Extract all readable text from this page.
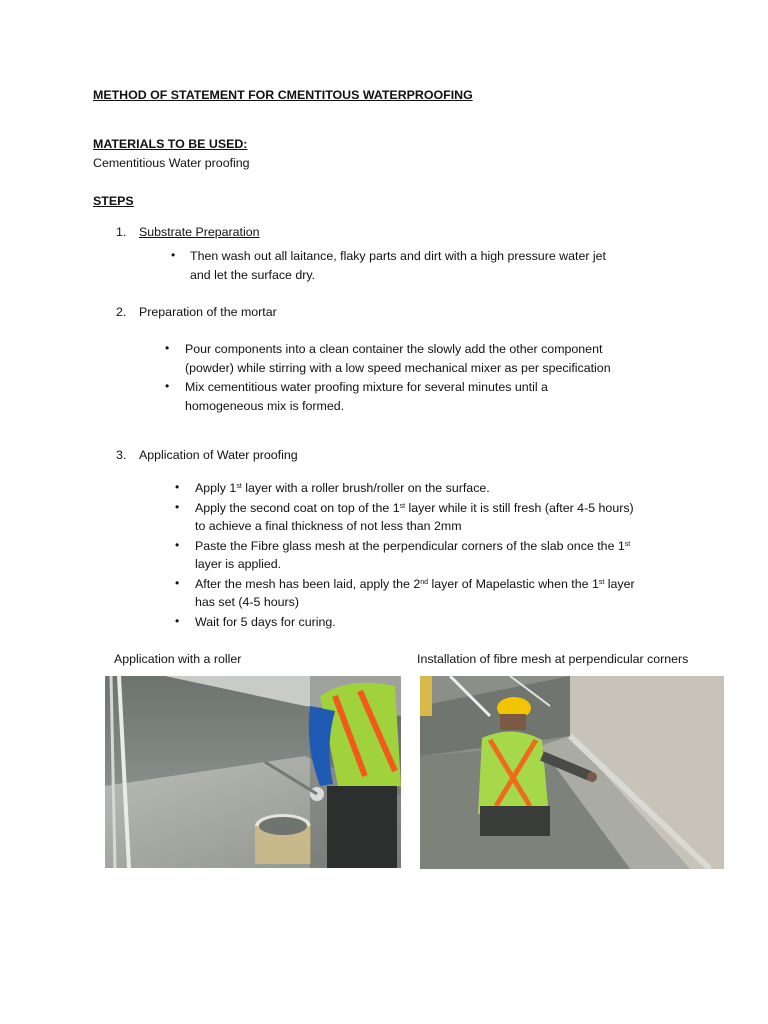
METHOD OF STATEMENT FOR CMENTITOUS WATERPROOFING
MATERIALS TO BE USED:
Cementitious Water proofing
STEPS
1. Substrate Preparation
• Then wash out all laitance, flaky parts and dirt with a high pressure water jet
and let the surface dry.
2. Preparation of the mortar
• Pour components into a clean container the slowly add the other component
(powder) while stirring with a low speed mechanical mixer as per specification
• Mix cementitious water proofing mixture for several minutes until a
homogeneous mix is formed.
3. Application of Water proofing
• Apply 1st layer with a roller brush/roller on the surface.
• Apply the second coat on top of the 1st layer while it is still fresh (after 4-5 hours)
to achieve a final thickness of not less than 2mm
• Paste the Fibre glass mesh at the perpendicular corners of the slab once the 1st
layer is applied.
• After the mesh has been laid, apply the 2nd layer of Mapelastic when the 1st layer
has set (4-5 hours)
• Wait for 5 days for curing.
Application with a roller	Installation of fibre mesh at perpendicular corners
